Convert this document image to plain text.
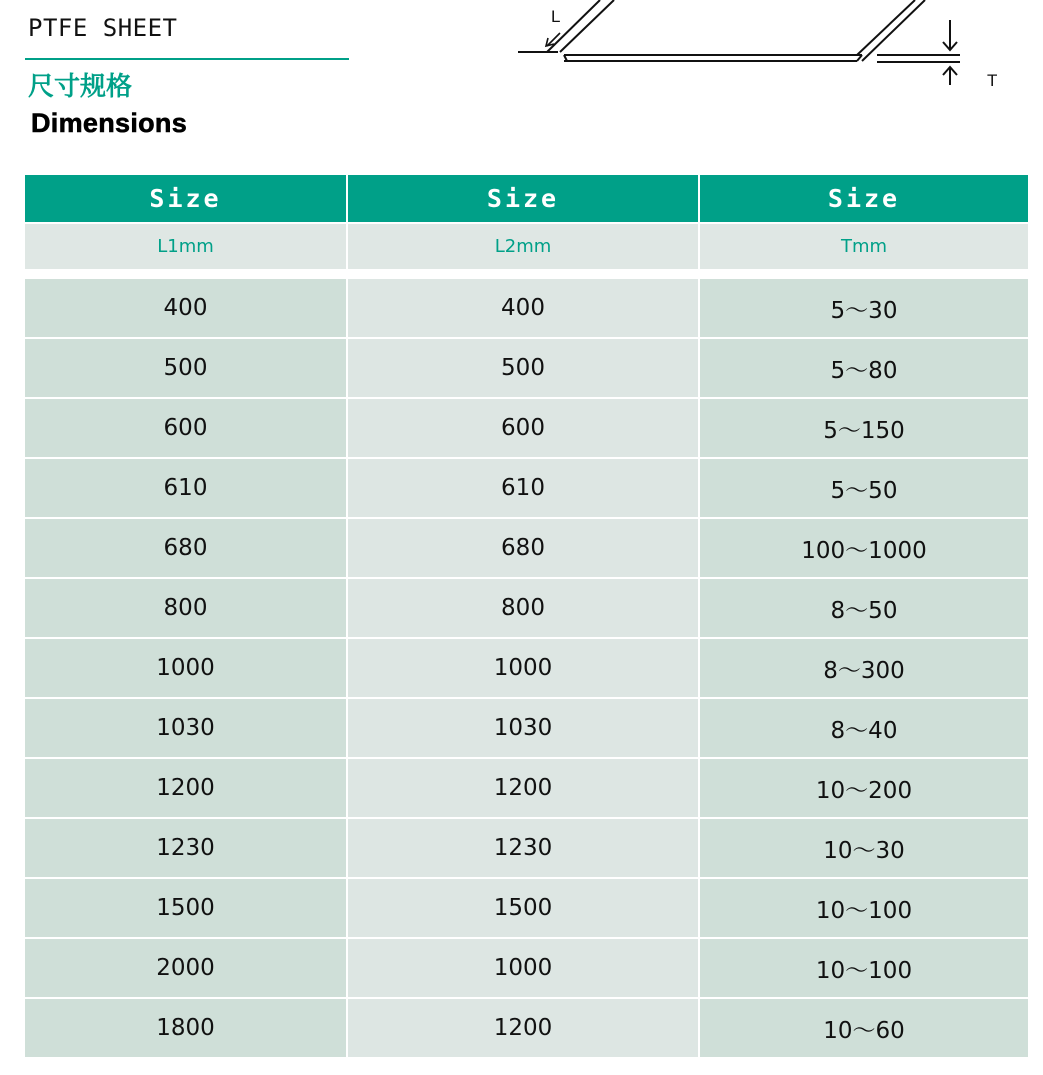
PTFE SHEET
尺寸规格
Dimensions
L
T
Size	Size	Size
L1mm	L2mm	Tmm
400	400	5～30
500	500	5～80
600	600	5～150
610	610	5～50
680	680	100～1000
800	800	8～50
1000	1000	8～300
1030	1030	8～40
1200	1200	10～200
1230	1230	10～30
1500	1500	10～100
2000	1000	10～100
1800	1200	10～60
